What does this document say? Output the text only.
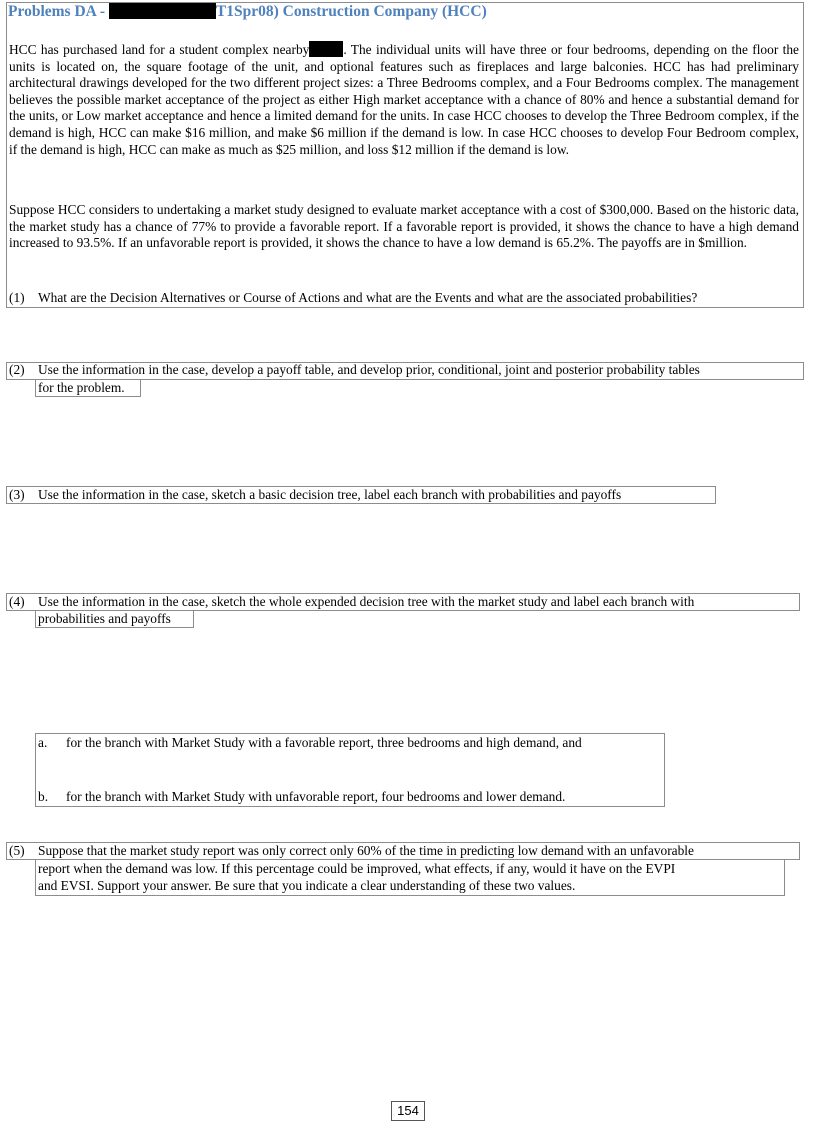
Problems DA -	T1Spr08) Construction Company (HCC)

HCC has purchased land for a student complex nearby	. The individual units will have three or four bedrooms, depending on the floor the units is located on, the square footage of the unit, and optional features such as fireplaces and large balconies. HCC has had preliminary architectural drawings developed for the two different project sizes: a Three Bedrooms complex, and a Four Bedrooms complex. The management believes the possible market acceptance of the project as either High market acceptance with a chance of 80% and hence a substantial demand for the units, or Low market acceptance and hence a limited demand for the units. In case HCC chooses to develop the Three Bedroom complex, if the demand is high, HCC can make $16 million, and make $6 million if the demand is low. In case HCC chooses to develop Four Bedroom complex, if the demand is high, HCC can make as much as $25 million, and loss $12 million if the demand is low.

Suppose HCC considers to undertaking a market study designed to evaluate market acceptance with a cost of $300,000. Based on the historic data, the market study has a chance of 77% to provide a favorable report. If a favorable report is provided, it shows the chance to have a high demand increased to 93.5%. If an unfavorable report is provided, it shows the chance to have a low demand is 65.2%. The payoffs are in $million.

(1) What are the Decision Alternatives or Course of Actions and what are the Events and what are the associated probabilities?
(2) Use the information in the case, develop a payoff table, and develop prior, conditional, joint and posterior probability tables
for the problem.
(3) Use the information in the case, sketch a basic decision tree, label each branch with probabilities and payoffs
(4) Use the information in the case, sketch the whole expended decision tree with the market study and label each branch with
probabilities and payoffs
a. for the branch with Market Study with a favorable report, three bedrooms and high demand, and
b. for the branch with Market Study with unfavorable report, four bedrooms and lower demand.
(5) Suppose that the market study report was only correct only 60% of the time in predicting low demand with an unfavorable
report when the demand was low. If this percentage could be improved, what effects, if any, would it have on the EVPI
and EVSI. Support your answer. Be sure that you indicate a clear understanding of these two values.
154
